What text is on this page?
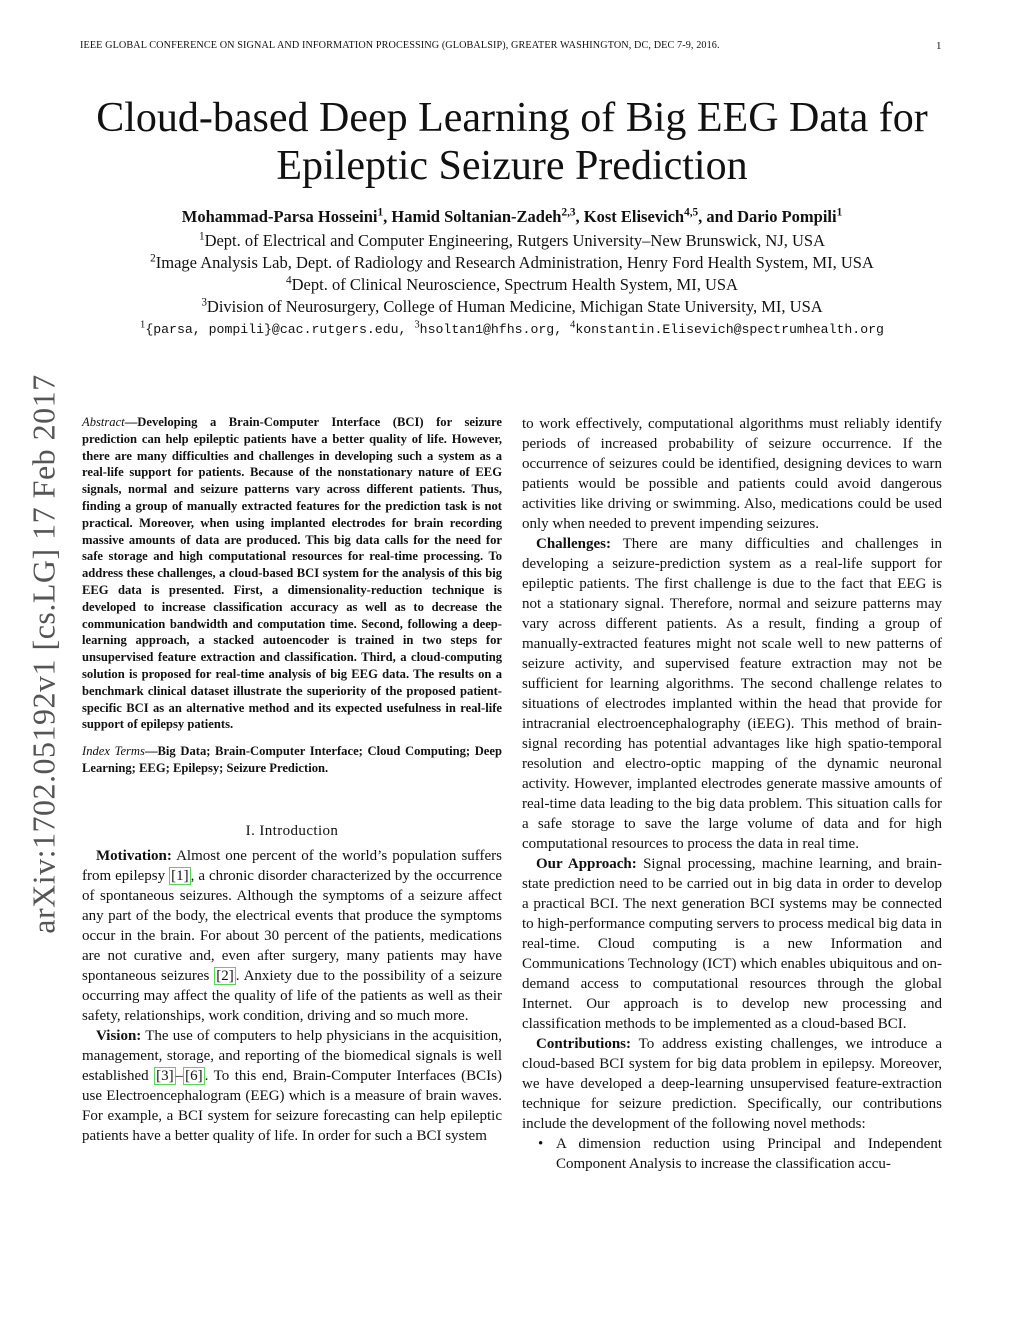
IEEE GLOBAL CONFERENCE ON SIGNAL AND INFORMATION PROCESSING (GLOBALSIP), GREATER WASHINGTON, DC, DEC 7-9, 2016.	1
arXiv:1702.05192v1 [cs.LG] 17 Feb 2017
Cloud-based Deep Learning of Big EEG Data for Epileptic Seizure Prediction
Mohammad-Parsa Hosseini$^1$, Hamid Soltanian-Zadeh$^{2,3}$, Kost Elisevich$^{4,5}$, and Dario Pompili$^1$
$^1$Dept. of Electrical and Computer Engineering, Rutgers University–New Brunswick, NJ, USA
$^2$Image Analysis Lab, Dept. of Radiology and Research Administration, Henry Ford Health System, MI, USA
$^4$Dept. of Clinical Neuroscience, Spectrum Health System, MI, USA
$^3$Division of Neurosurgery, College of Human Medicine, Michigan State University, MI, USA
$^1${parsa, pompili}@cac.rutgers.edu, $^3$hsoltan1@hfhs.org, $^4$konstantin.Elisevich@spectrumhealth.org

Abstract—Developing a Brain-Computer Interface (BCI) for seizure prediction can help epileptic patients have a better quality of life. However, there are many difficulties and challenges in developing such a system as a real-life support for patients. Because of the nonstationary nature of EEG signals, normal and seizure patterns vary across different patients. Thus, finding a group of manually extracted features for the prediction task is not practical. Moreover, when using implanted electrodes for brain recording massive amounts of data are produced. This big data calls for the need for safe storage and high computational resources for real-time processing. To address these challenges, a cloud-based BCI system for the analysis of this big EEG data is presented. First, a dimensionality-reduction technique is developed to increase classification accuracy as well as to decrease the communication bandwidth and computation time. Second, following a deep-learning approach, a stacked autoencoder is trained in two steps for unsupervised feature extraction and classification. Third, a cloud-computing solution is proposed for real-time analysis of big EEG data. The results on a benchmark clinical dataset illustrate the superiority of the proposed patient-specific BCI as an alternative method and its expected usefulness in real-life support of epilepsy patients.

Index Terms—Big Data; Brain-Computer Interface; Cloud Computing; Deep Learning; EEG; Epilepsy; Seizure Prediction.

I. Introduction

Motivation: Almost one percent of the world’s population suffers from epilepsy [1] , a chronic disorder characterized by the occurrence of spontaneous seizures. Although the symptoms of a seizure affect any part of the body, the electrical events that produce the symptoms occur in the brain. For about 30 percent of the patients, medications are not curative and, even after surgery, many patients may have spontaneous seizures [2] . Anxiety due to the possibility of a seizure occurring may affect the quality of life of the patients as well as their safety, relationships, work condition, driving and so much more.

Vision: The use of computers to help physicians in the acquisition, management, storage, and reporting of the biomedical signals is well established [3] – [6] . To this end, Brain-Computer Interfaces (BCIs) use Electroencephalogram (EEG) which is a measure of brain waves. For example, a BCI system for seizure forecasting can help epileptic patients have a better quality of life. In order for such a BCI system

to work effectively, computational algorithms must reliably identify periods of increased probability of seizure occurrence. If the occurrence of seizures could be identified, designing devices to warn patients would be possible and patients could avoid dangerous activities like driving or swimming. Also, medications could be used only when needed to prevent impending seizures.

Challenges: There are many difficulties and challenges in developing a seizure-prediction system as a real-life support for epileptic patients. The first challenge is due to the fact that EEG is not a stationary signal. Therefore, normal and seizure patterns may vary across different patients. As a result, finding a group of manually-extracted features might not scale well to new patterns of seizure activity, and supervised feature extraction may not be sufficient for learning algorithms. The second challenge relates to situations of electrodes implanted within the head that provide for intracranial electroencephalography (iEEG). This method of brain-signal recording has potential advantages like high spatio-temporal resolution and electro-optic mapping of the dynamic neuronal activity. However, implanted electrodes generate massive amounts of real-time data leading to the big data problem. This situation calls for a safe storage to save the large volume of data and for high computational resources to process the data in real time.

Our Approach: Signal processing, machine learning, and brain-state prediction need to be carried out in big data in order to develop a practical BCI. The next generation BCI systems may be connected to high-performance computing servers to process medical big data in real-time. Cloud computing is a new Information and Communications Technology (ICT) which enables ubiquitous and on-demand access to computational resources through the global Internet. Our approach is to develop new processing and classification methods to be implemented as a cloud-based BCI.

Contributions: To address existing challenges, we introduce a cloud-based BCI system for big data problem in epilepsy. Moreover, we have developed a deep-learning unsupervised feature-extraction technique for seizure prediction. Specifically, our contributions include the development of the following novel methods:

• A dimension reduction using Principal and Independent Component Analysis to increase the classification accu-
